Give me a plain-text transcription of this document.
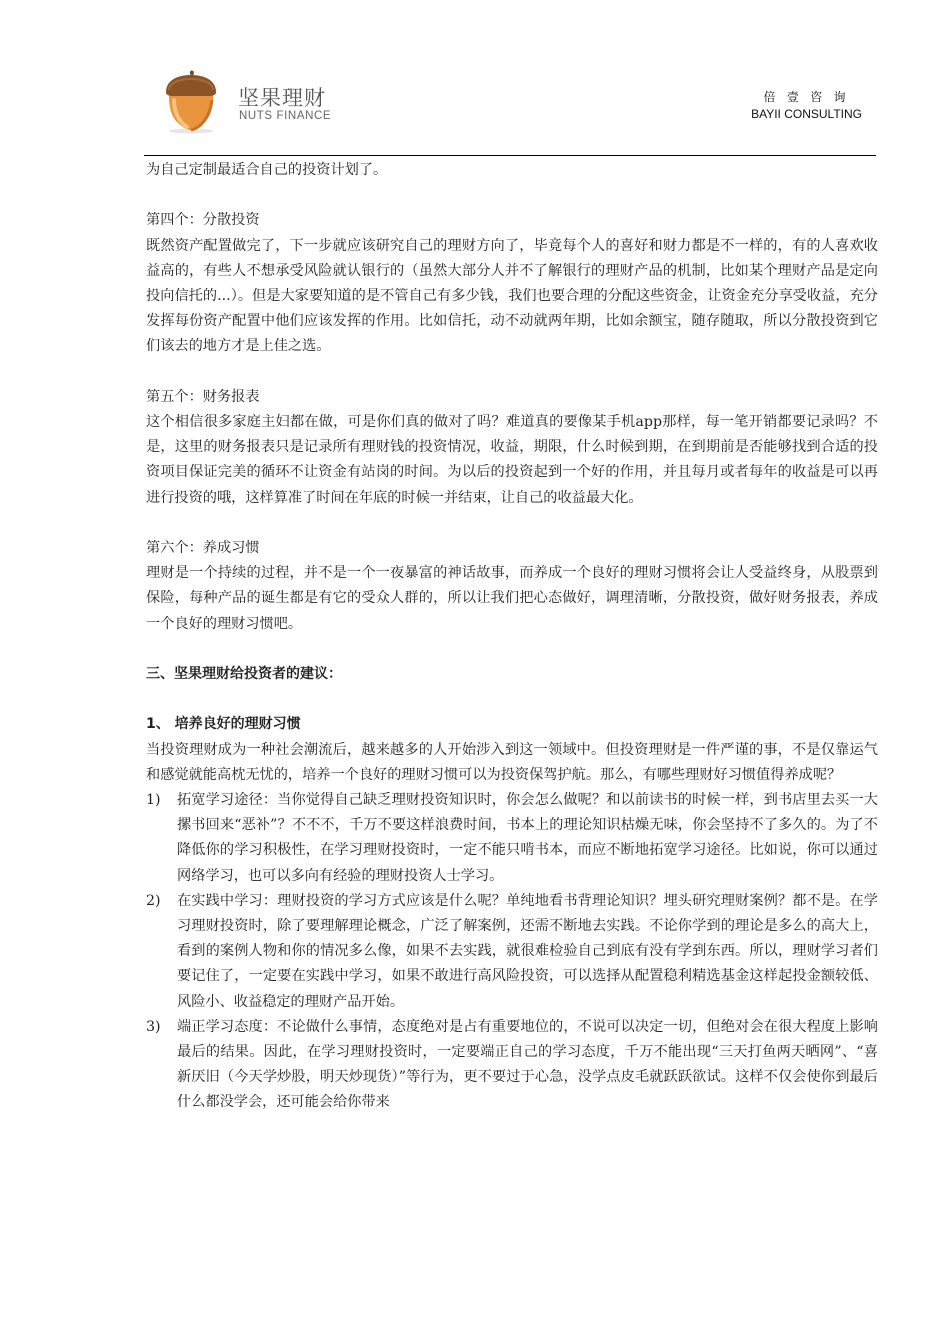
坚果理财
NUTS FINANCE
倍 壹 咨 询
BAYII CONSULTING

为自己定制最适合自己的投资计划了。

第四个：分散投资

既然资产配置做完了，下一步就应该研究自己的理财方向了，毕竟每个人的喜好和财力都是不一样的，有的人喜欢收益高的，有些人不想承受风险就认银行的（虽然大部分人并不了解银行的理财产品的机制，比如某个理财产品是定向投向信托的...）。但是大家要知道的是不管自己有多少钱，我们也要合理的分配这些资金，让资金充分享受收益，充分发挥每份资产配置中他们应该发挥的作用。比如信托，动不动就两年期，比如余额宝，随存随取，所以分散投资到它们该去的地方才是上佳之选。

第五个：财务报表

这个相信很多家庭主妇都在做，可是你们真的做对了吗？难道真的要像某手机app那样，每一笔开销都要记录吗？不是，这里的财务报表只是记录所有理财钱的投资情况，收益，期限，什么时候到期，在到期前是否能够找到合适的投资项目保证完美的循环不让资金有站岗的时间。为以后的投资起到一个好的作用，并且每月或者每年的收益是可以再进行投资的哦，这样算准了时间在年底的时候一并结束，让自己的收益最大化。

第六个：养成习惯

理财是一个持续的过程，并不是一个一夜暴富的神话故事，而养成一个良好的理财习惯将会让人受益终身，从股票到保险，每种产品的诞生都是有它的受众人群的，所以让我们把心态做好，调理清晰，分散投资，做好财务报表，养成一个良好的理财习惯吧。

三、坚果理财给投资者的建议：

1、 培养良好的理财习惯

当投资理财成为一种社会潮流后，越来越多的人开始涉入到这一领域中。但投资理财是一件严谨的事，不是仅靠运气和感觉就能高枕无忧的，培养一个良好的理财习惯可以为投资保驾护航。那么，有哪些理财好习惯值得养成呢？

1) 拓宽学习途径：当你觉得自己缺乏理财投资知识时，你会怎么做呢？和以前读书的时候一样，到书店里去买一大摞书回来“恶补”？不不不，千万不要这样浪费时间，书本上的理论知识枯燥无味，你会坚持不了多久的。为了不降低你的学习积极性，在学习理财投资时，一定不能只啃书本，而应不断地拓宽学习途径。比如说，你可以通过网络学习，也可以多向有经验的理财投资人士学习。
2) 在实践中学习：理财投资的学习方式应该是什么呢？单纯地看书背理论知识？埋头研究理财案例？都不是。在学习理财投资时，除了要理解理论概念，广泛了解案例，还需不断地去实践。不论你学到的理论是多么的高大上，看到的案例人物和你的情况多么像，如果不去实践，就很难检验自己到底有没有学到东西。所以，理财学习者们要记住了，一定要在实践中学习，如果不敢进行高风险投资，可以选择从配置稳利精选基金这样起投金额较低、风险小、收益稳定的理财产品开始。
3) 端正学习态度：不论做什么事情，态度绝对是占有重要地位的，不说可以决定一切，但绝对会在很大程度上影响最后的结果。因此，在学习理财投资时，一定要端正自己的学习态度，千万不能出现“三天打鱼两天晒网”、“喜新厌旧（今天学炒股，明天炒现货）”等行为，更不要过于心急，没学点皮毛就跃跃欲试。这样不仅会使你到最后什么都没学会，还可能会给你带来
